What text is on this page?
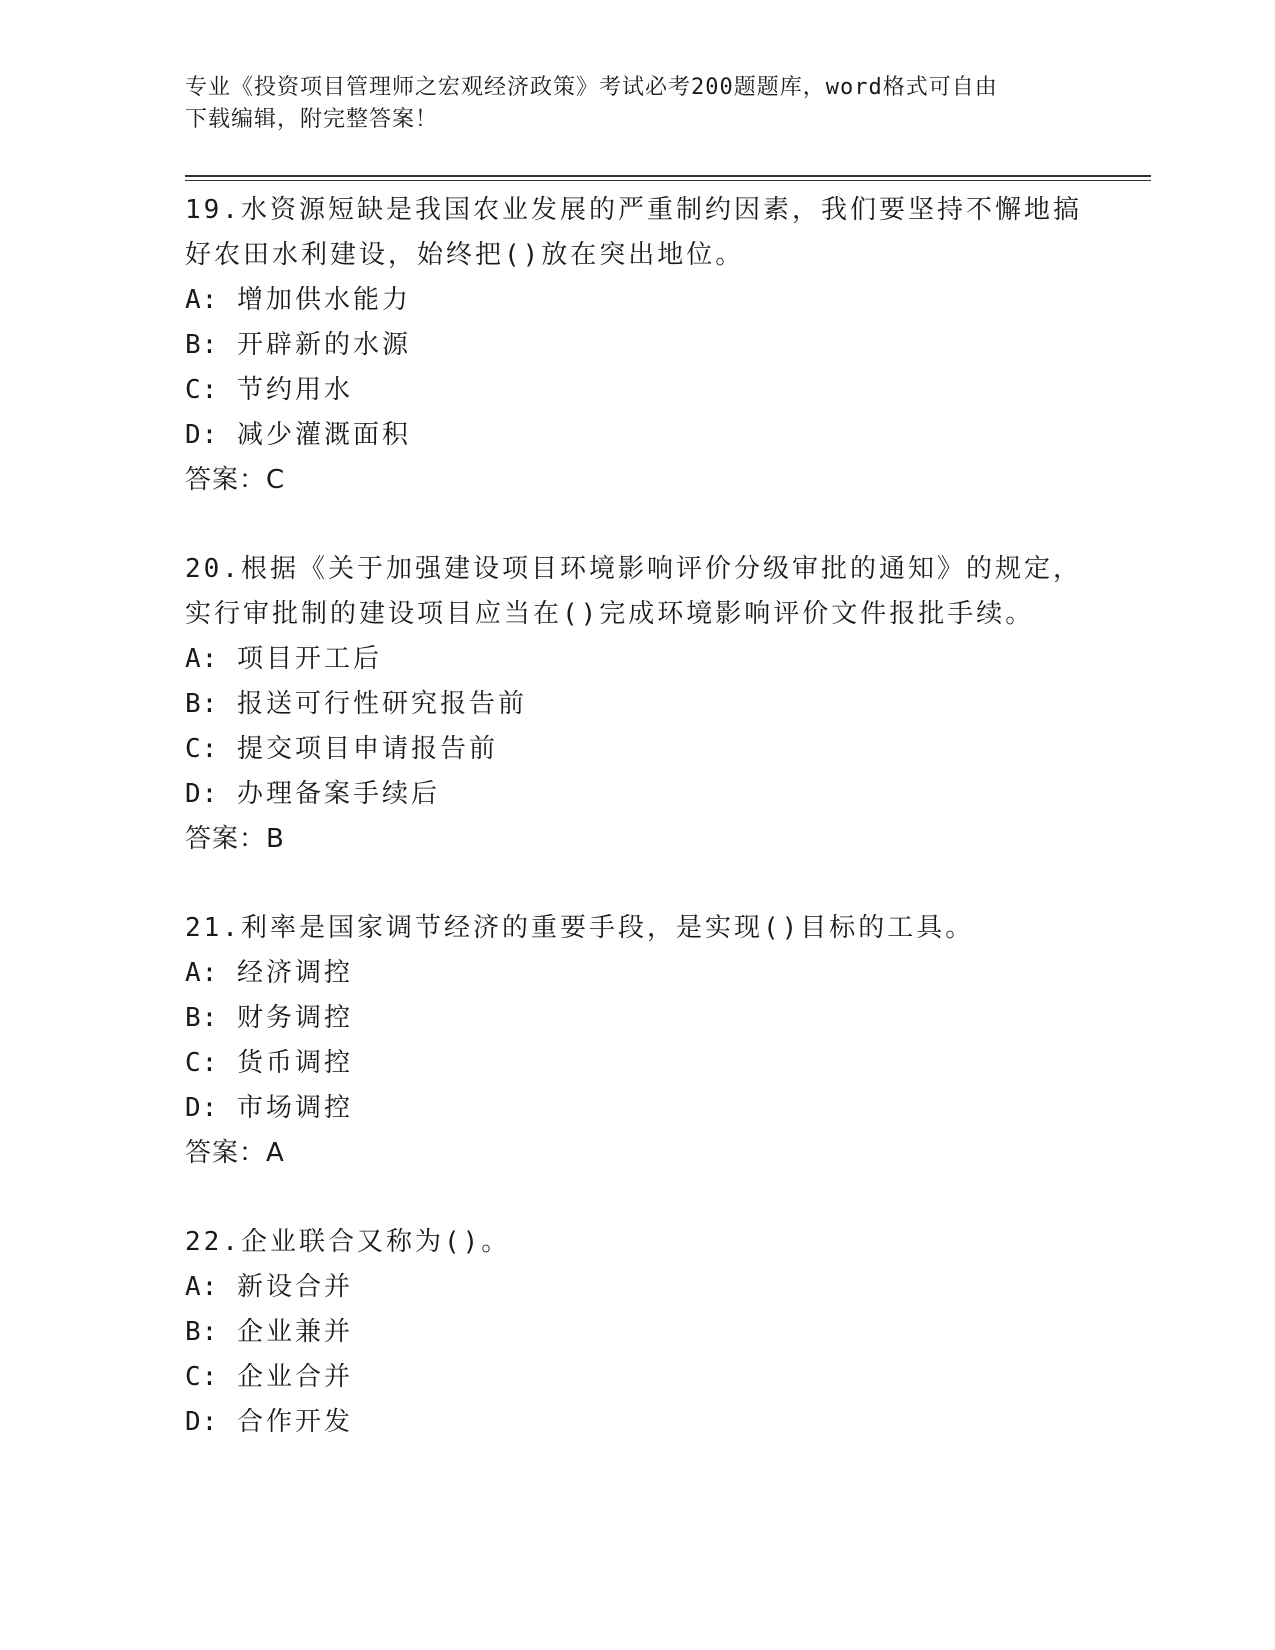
专业《投资项目管理师之宏观经济政策》考试必考200题题库，word格式可自由
下载编辑，附完整答案！
19.水资源短缺是我国农业发展的严重制约因素，我们要坚持不懈地搞
好农田水利建设，始终把()放在突出地位。
A: 增加供水能力
B: 开辟新的水源
C: 节约用水
D: 减少灌溉面积
答案：C
20.根据《关于加强建设项目环境影响评价分级审批的通知》的规定，
实行审批制的建设项目应当在()完成环境影响评价文件报批手续。
A: 项目开工后
B: 报送可行性研究报告前
C: 提交项目申请报告前
D: 办理备案手续后
答案：B
21.利率是国家调节经济的重要手段，是实现()目标的工具。
A: 经济调控
B: 财务调控
C: 货币调控
D: 市场调控
答案：A
22.企业联合又称为()。
A: 新设合并
B: 企业兼并
C: 企业合并
D: 合作开发
